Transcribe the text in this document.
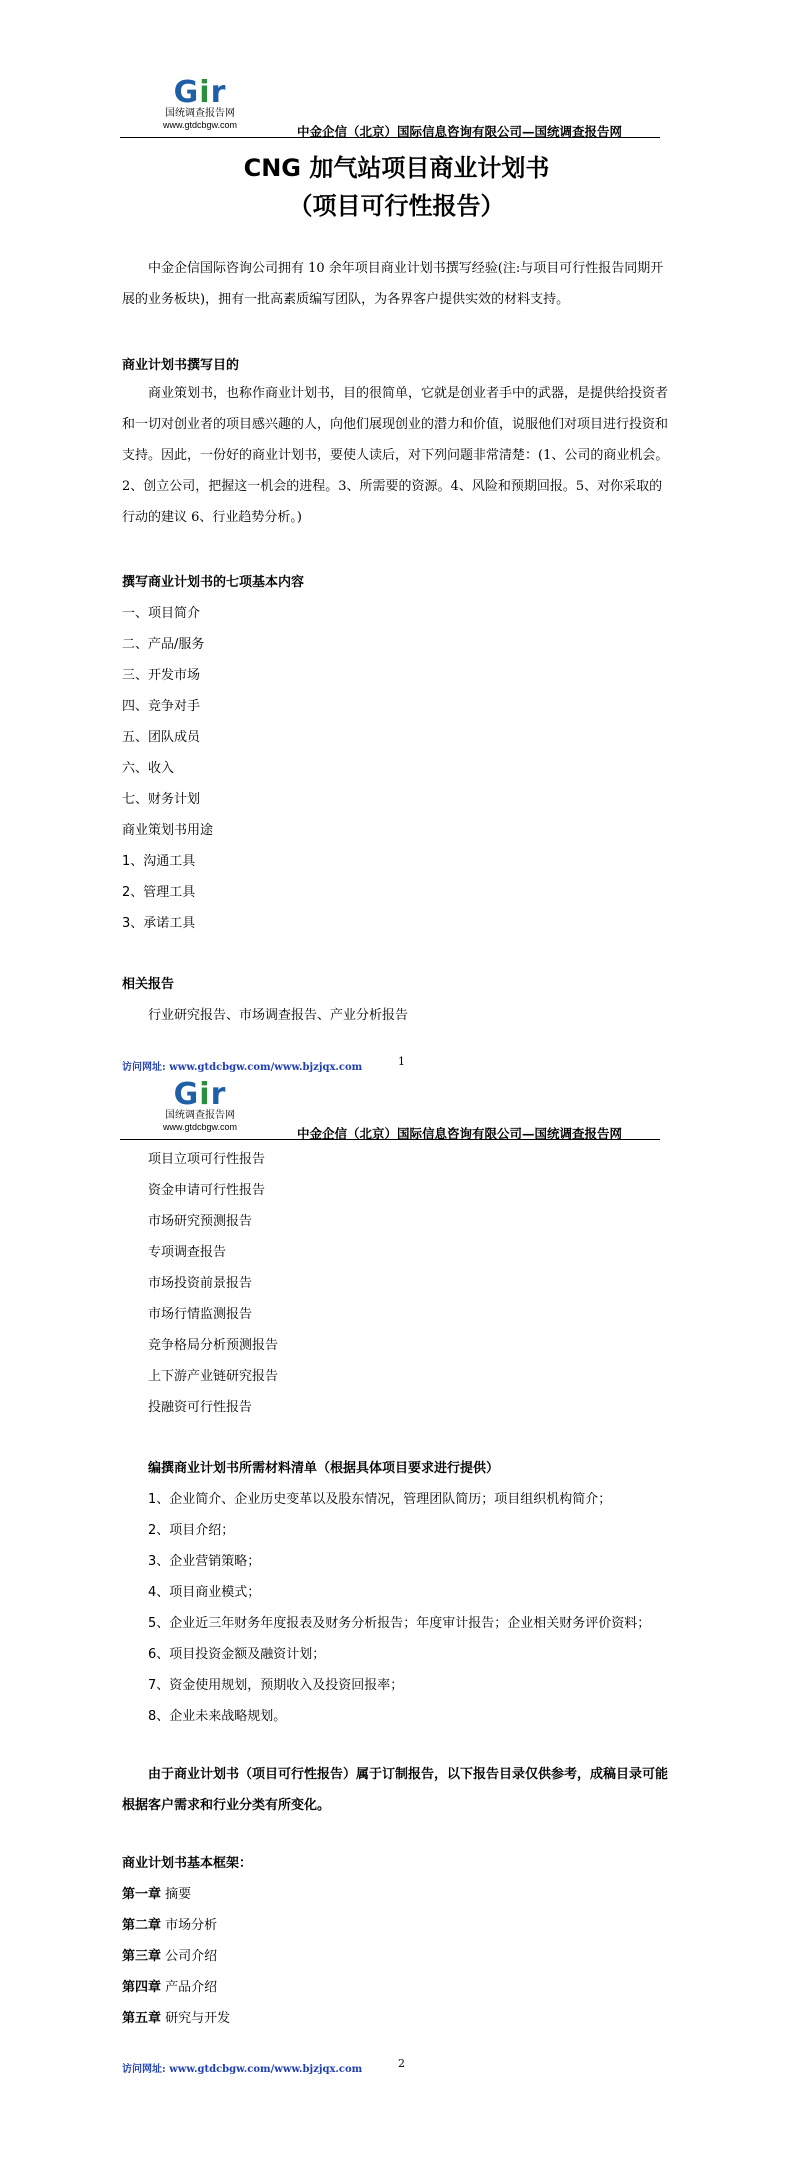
Gir
国统调查报告网
www.gtdcbgw.com	中金企信（北京）国际信息咨询有限公司—国统调查报告网
CNG 加气站项目商业计划书
（项目可行性报告）
中金企信国际咨询公司拥有 10 余年项目商业计划书撰写经验(注:与项目可行性报告同期开展的业务板块)，拥有一批高素质编写团队，为各界客户提供实效的材料支持。
商业计划书撰写目的
商业策划书，也称作商业计划书，目的很简单，它就是创业者手中的武器，是提供给投资者和一切对创业者的项目感兴趣的人，向他们展现创业的潜力和价值，说服他们对项目进行投资和支持。因此，一份好的商业计划书，要使人读后，对下列问题非常清楚：(1、公司的商业机会。2、创立公司，把握这一机会的进程。3、所需要的资源。4、风险和预期回报。5、对你采取的行动的建议 6、行业趋势分析。)
撰写商业计划书的七项基本内容
一、项目简介
二、产品/服务
三、开发市场
四、竞争对手
五、团队成员
六、收入
七、财务计划
商业策划书用途
1、沟通工具
2、管理工具
3、承诺工具
相关报告
行业研究报告、市场调查报告、产业分析报告
访问网址: www.gtdcbgw.com/www.bjzjqx.com	1
Gir
国统调查报告网
www.gtdcbgw.com	中金企信（北京）国际信息咨询有限公司—国统调查报告网
项目立项可行性报告
资金申请可行性报告
市场研究预测报告
专项调查报告
市场投资前景报告
市场行情监测报告
竞争格局分析预测报告
上下游产业链研究报告
投融资可行性报告
编撰商业计划书所需材料清单（根据具体项目要求进行提供）
1、企业简介、企业历史变革以及股东情况，管理团队简历；项目组织机构简介；
2、项目介绍；
3、企业营销策略；
4、项目商业模式；
5、企业近三年财务年度报表及财务分析报告；年度审计报告；企业相关财务评价资料；
6、项目投资金额及融资计划；
7、资金使用规划，预期收入及投资回报率；
8、企业未来战略规划。
由于商业计划书（项目可行性报告）属于订制报告，以下报告目录仅供参考，成稿目录可能根据客户需求和行业分类有所变化。
商业计划书基本框架：
第一章 摘要
第二章 市场分析
第三章 公司介绍
第四章 产品介绍
第五章 研究与开发
访问网址: www.gtdcbgw.com/www.bjzjqx.com	2
